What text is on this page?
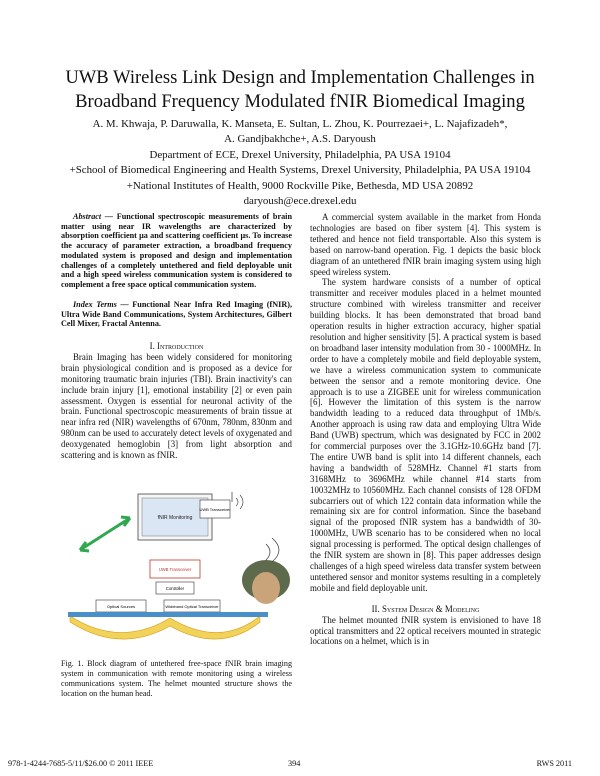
UWB Wireless Link Design and Implementation Challenges in
Broadband Frequency Modulated fNIR Biomedical Imaging
A. M. Khwaja, P. Daruwalla, K. Manseta, E. Sultan, L. Zhou, K. Pourrezaei+, L. Najafizadeh*,
A. Gandjbakhche+, A.S. Daryoush
Department of ECE, Drexel University, Philadelphia, PA USA 19104
+School of Biomedical Engineering and Health Systems, Drexel University, Philadelphia, PA USA 19104
+National Institutes of Health, 9000 Rockville Pike, Bethesda, MD USA 20892
daryoush@ece.drexel.edu

Abstract — Functional spectroscopic measurements of brain matter using near IR wavelengths are characterized by absorption coefficient μa and scattering coefficient μs. To increase the accuracy of parameter extraction, a broadband frequency modulated system is proposed and design and implementation challenges of a completely untethered and field deployable unit and a high speed wireless communication system is considered to complement a free space optical communication system.

Index Terms — Functional Near Infra Red Imaging (fNIR), Ultra Wide Band Communications, System Architectures, Gilbert Cell Mixer, Fractal Antenna.

I. Introduction

Brain Imaging has been widely considered for monitoring brain physiological condition and is proposed as a device for monitoring traumatic brain injuries (TBI). Brain inactivity's can include brain injury [1], emotional instability [2] or even pain assessment. Oxygen is essential for neuronal activity of the brain. Functional spectroscopic measurements of brain tissue at near infra red (NIR) wavelengths of 670nm, 780nm, 830nm and 980nm can be used to accurately detect levels of oxygenated and deoxygenated hemoglobin [3] from light absorption and scattering and is known as fNIR.

fNIR Monitoring
UWB Transceiver
UWB Transceiver
Controller
Optical Sources	Wideband Optical Transceiver
Fig. 1. Block diagram of untethered free-space fNIR brain imaging system in communication with remote monitoring using a wireless communications system. The helmet mounted structure shows the location on the human head.

A commercial system available in the market from Honda technologies are based on fiber system [4]. This system is tethered and hence not field transportable. Also this system is based on narrow-band operation. Fig. 1 depicts the basic block diagram of an untethered fNIR brain imaging system using high speed wireless system.

The system hardware consists of a number of optical transmitter and receiver modules placed in a helmet mounted structure combined with wireless transmitter and receiver building blocks. It has been demonstrated that broad band operation results in higher extraction accuracy, higher spatial resolution and higher sensitivity [5]. A practical system is based on broadband laser intensity modulation from 30 - 1000MHz. In order to have a completely mobile and field deployable system, we have a wireless communication system to communicate between the sensor and a remote monitoring device. One approach is to use a ZIGBEE unit for wireless communication [6]. However the limitation of this system is the narrow bandwidth leading to a reduced data throughput of 1Mb/s. Another approach is using raw data and employing Ultra Wide Band (UWB) spectrum, which was designated by FCC in 2002 for commercial purposes over the 3.1GHz-10.6GHz band [7]. The entire UWB band is split into 14 different channels, each having a bandwidth of 528MHz. Channel #1 starts from 3168MHz to 3696MHz while channel #14 starts from 10032MHz to 10560MHz. Each channel consists of 128 OFDM subcarriers out of which 122 contain data information while the remaining six are for control information. Since the baseband signal of the proposed fNIR system has a bandwidth of 30-1000MHz, UWB scenario has to be considered when no local signal processing is performed. The optical design challenges of the fNIR system are shown in [8]. This paper addresses design challenges of a high speed wireless data transfer system between untethered sensor and monitor systems resulting in a completely mobile and field deployable unit.

II. System Design & Modeling

The helmet mounted fNIR system is envisioned to have 18 optical transmitters and 22 optical receivers mounted in strategic locations on a helmet, which is in

978-1-4244-7685-5/11/$26.00 © 2011 IEEE	394	RWS 2011
